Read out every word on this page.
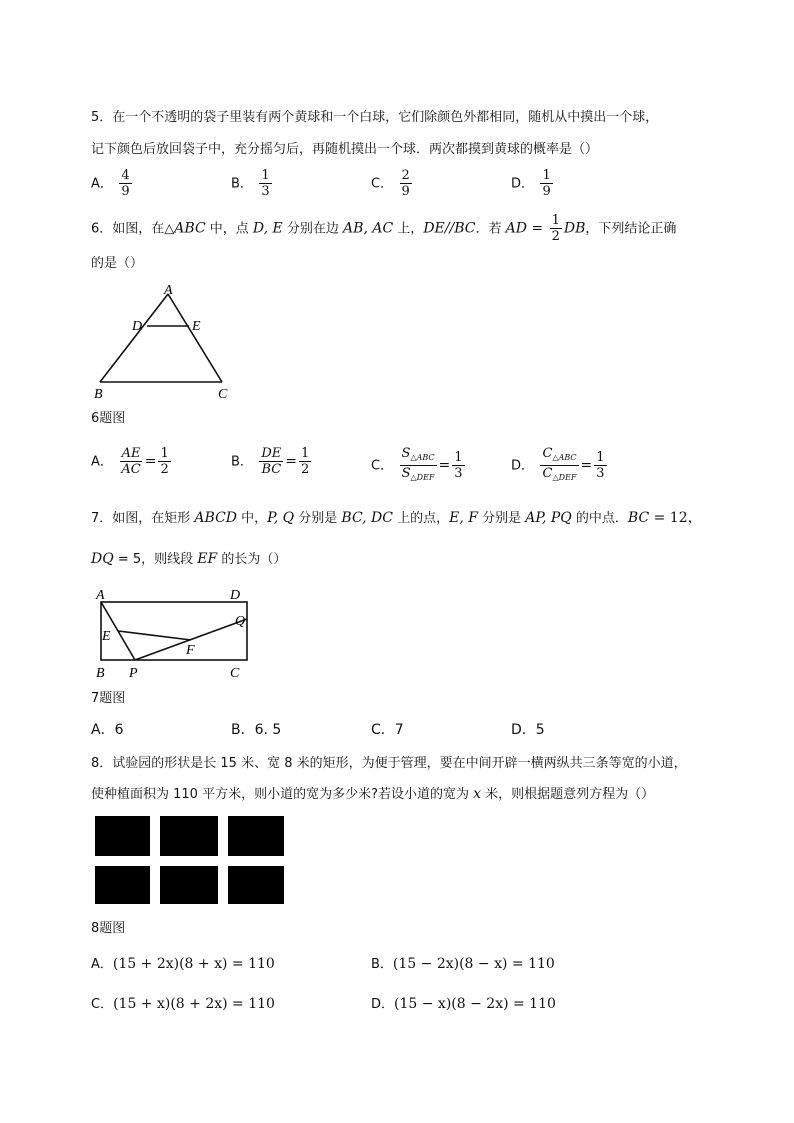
5．在一个不透明的袋子里装有两个黄球和一个白球，它们除颜色外都相同，随机从中摸出一个球，
记下颜色后放回袋子中，充分摇匀后，再随机摸出一个球．两次都摸到黄球的概率是（）
A． $\frac{4}{9}$	B． $\frac{1}{3}$	C． $\frac{2}{9}$	D． $\frac{1}{9}$
6．如图，在△ABC 中，点 D, E 分别在边 AB, AC 上，DE//BC．若 AD = $\frac{1}{2}$ DB，下列结论正确
的是（）
A
D	E
B	C
6题图
A． $\frac{AE}{AC} = \frac{1}{2}$	B． $\frac{DE}{BC} = \frac{1}{2}$	C． $\frac{S_{\triangle ABC}}{S_{\triangle DEF}} = \frac{1}{3}$	D． $\frac{C_{\triangle ABC}}{C_{\triangle DEF}} = \frac{1}{3}$
7．如图，在矩形 ABCD 中，P, Q 分别是 BC, DC 上的点，E, F 分别是 AP, PQ 的中点．BC = 12，
DQ = 5，则线段 EF 的长为（）
A	D
Q
E
F
B P	C
7题图
A．6	B．6. 5	C．7	D．5
8．试验园的形状是长 15 米、宽 8 米的矩形，为便于管理，要在中间开辟一横两纵共三条等宽的小道，
使种植面积为 110 平方米，则小道的宽为多少米?若设小道的宽为 x 米，则根据题意列方程为（）
8题图
A．(15 + 2x)(8 + x) = 110	B．(15 − 2x)(8 − x) = 110
C．(15 + x)(8 + 2x) = 110	D．(15 − x)(8 − 2x) = 110
